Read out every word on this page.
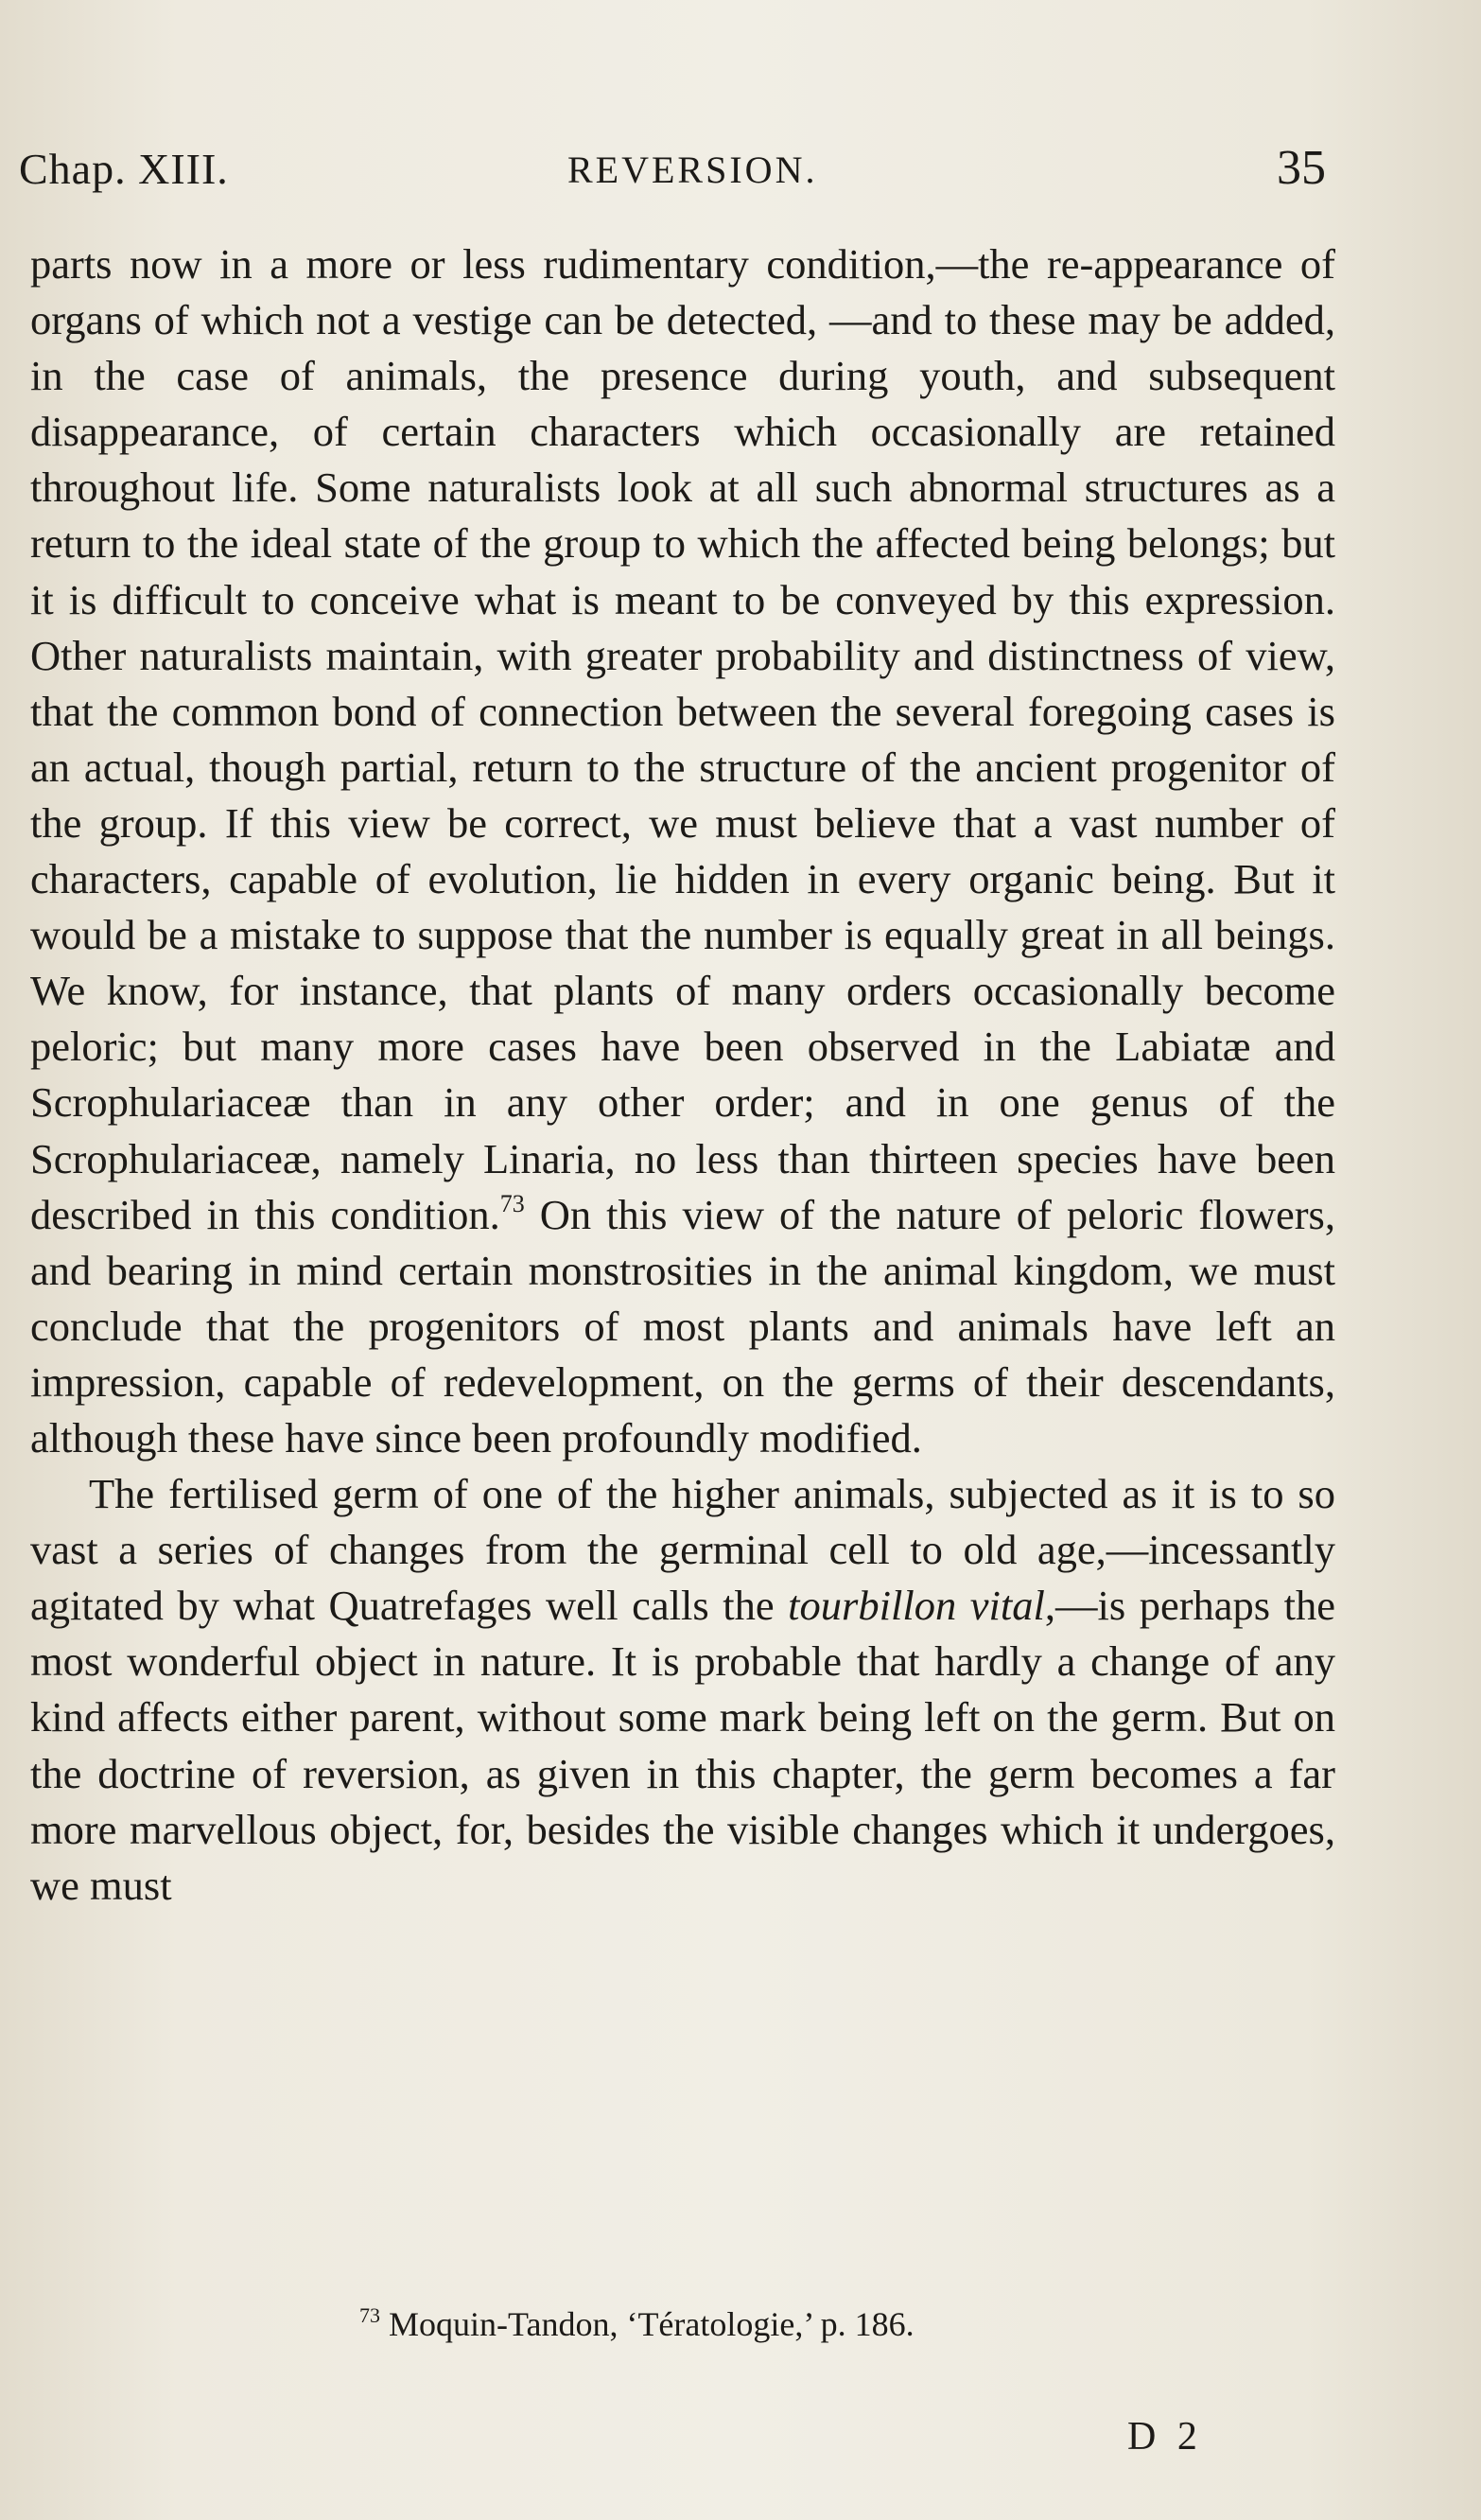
Chap. XIII.	REVERSION.	35

parts now in a more or less rudimentary condition,—the re-appearance of organs of which not a vestige can be detected, —and to these may be added, in the case of animals, the presence during youth, and subsequent disappearance, of certain characters which occasionally are retained throughout life. Some naturalists look at all such abnormal structures as a return to the ideal state of the group to which the affected being belongs; but it is difficult to conceive what is meant to be conveyed by this expression. Other naturalists maintain, with greater probability and distinctness of view, that the common bond of connection between the several foregoing cases is an actual, though partial, return to the structure of the ancient progenitor of the group. If this view be correct, we must believe that a vast number of characters, capable of evolution, lie hidden in every organic being. But it would be a mistake to suppose that the number is equally great in all beings. We know, for instance, that plants of many orders occasionally become peloric; but many more cases have been observed in the Labiatæ and Scrophulariaceæ than in any other order; and in one genus of the Scrophulariaceæ, namely Linaria, no less than thirteen species have been described in this condition.$^{73}$ On this view of the nature of peloric flowers, and bearing in mind certain monstrosities in the animal kingdom, we must conclude that the progenitors of most plants and animals have left an impression, capable of redevelopment, on the germs of their descendants, although these have since been profoundly modified.

The fertilised germ of one of the higher animals, subjected as it is to so vast a series of changes from the germinal cell to old age,—incessantly agitated by what Quatrefages well calls the tourbillon vital,—is perhaps the most wonderful object in nature. It is probable that hardly a change of any kind affects either parent, without some mark being left on the germ. But on the doctrine of reversion, as given in this chapter, the germ becomes a far more marvellous object, for, besides the visible changes which it undergoes, we must

$^{73}$ Moquin-Tandon, ‘Tératologie,’ p. 186.
D 2
